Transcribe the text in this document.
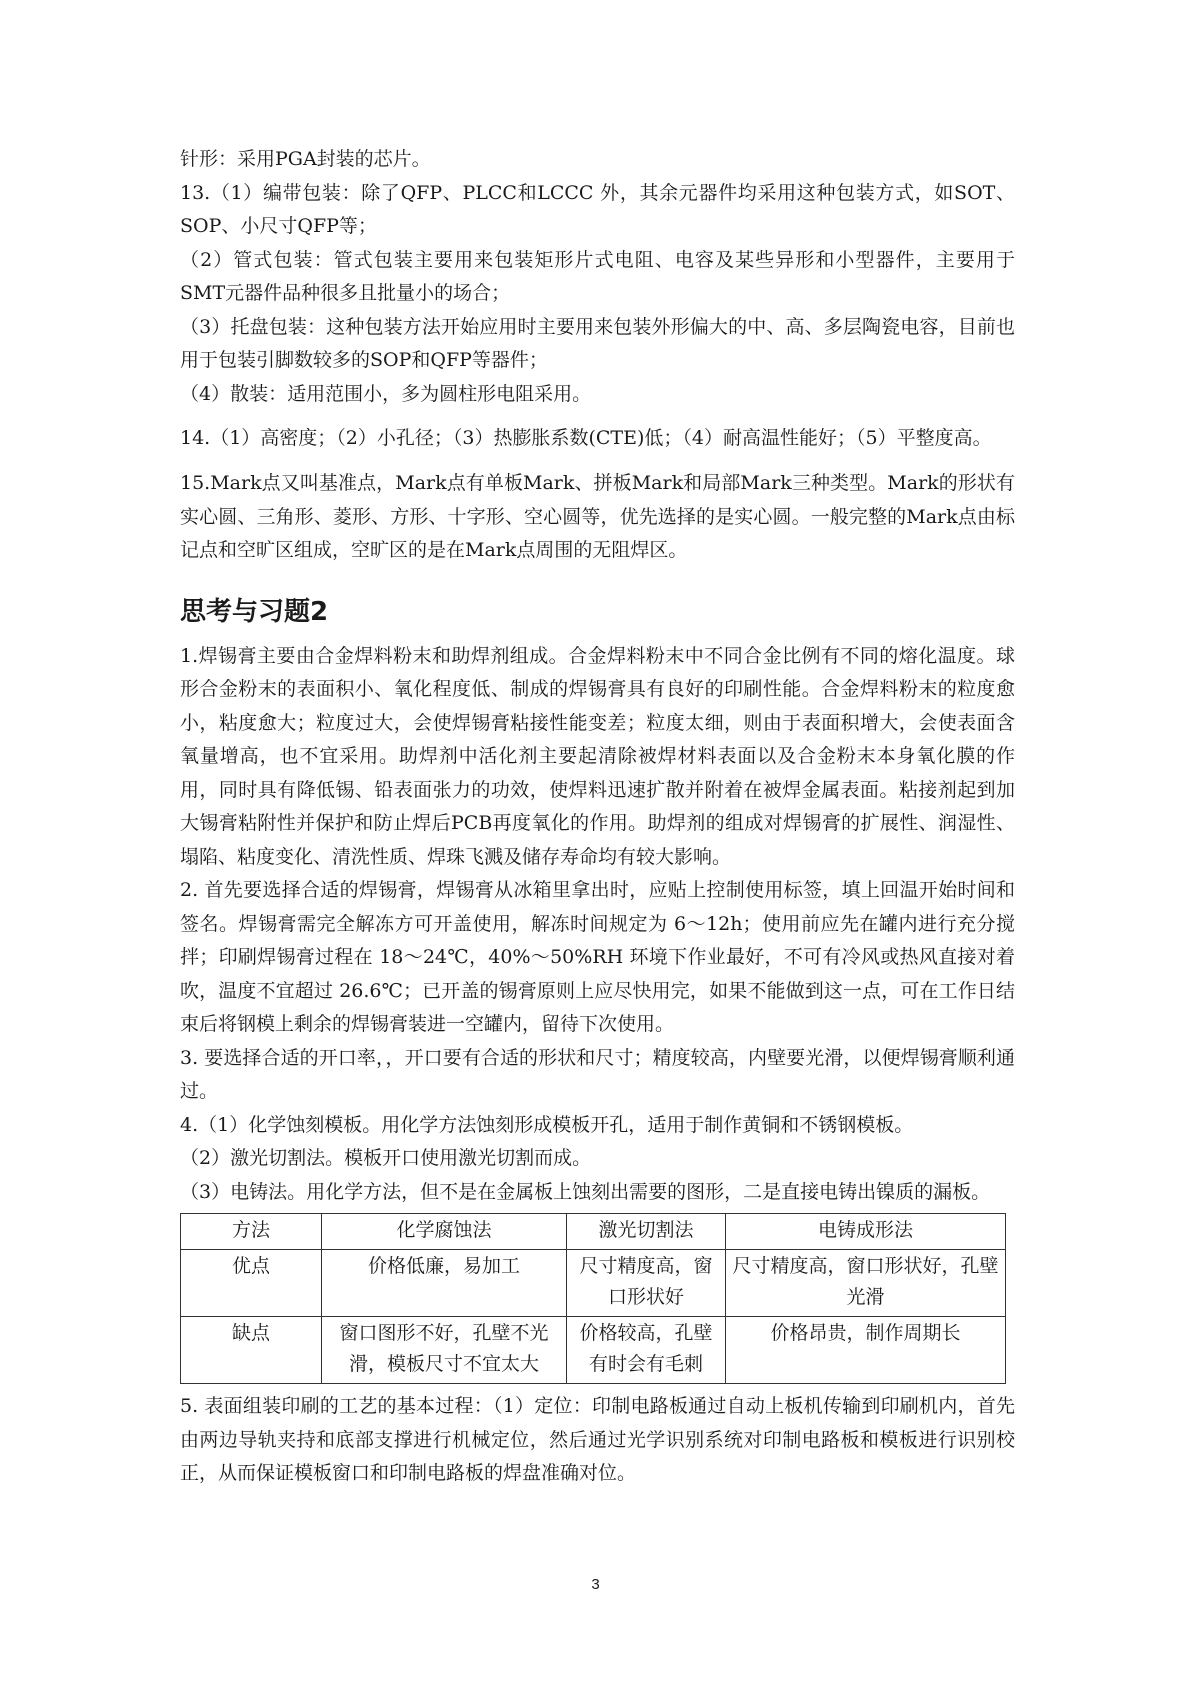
针形：采用PGA封装的芯片。

13.（1）编带包装：除了QFP、PLCC和LCCC 外，其余元器件均采用这种包装方式，如SOT、SOP、小尺寸QFP等；

（2）管式包装：管式包装主要用来包装矩形片式电阻、电容及某些异形和小型器件，主要用于SMT元器件品种很多且批量小的场合；

（3）托盘包装：这种包装方法开始应用时主要用来包装外形偏大的中、高、多层陶瓷电容，目前也用于包装引脚数较多的SOP和QFP等器件；

（4）散装：适用范围小，多为圆柱形电阻采用。

14.（1）高密度；（2）小孔径；（3）热膨胀系数(CTE)低；（4）耐高温性能好；（5）平整度高。

15.Mark点又叫基准点，Mark点有单板Mark、拼板Mark和局部Mark三种类型。Mark的形状有实心圆、三角形、菱形、方形、十字形、空心圆等，优先选择的是实心圆。一般完整的Mark点由标记点和空旷区组成，空旷区的是在Mark点周围的无阻焊区。

思考与习题2

1.焊锡膏主要由合金焊料粉末和助焊剂组成。合金焊料粉末中不同合金比例有不同的熔化温度。球形合金粉末的表面积小、氧化程度低、制成的焊锡膏具有良好的印刷性能。合金焊料粉末的粒度愈小，粘度愈大；粒度过大，会使焊锡膏粘接性能变差；粒度太细，则由于表面积增大，会使表面含氧量增高，也不宜采用。助焊剂中活化剂主要起清除被焊材料表面以及合金粉末本身氧化膜的作用，同时具有降低锡、铅表面张力的功效，使焊料迅速扩散并附着在被焊金属表面。粘接剂起到加大锡膏粘附性并保护和防止焊后PCB再度氧化的作用。助焊剂的组成对焊锡膏的扩展性、润湿性、塌陷、粘度变化、清洗性质、焊珠飞溅及储存寿命均有较大影响。

2. 首先要选择合适的焊锡膏，焊锡膏从冰箱里拿出时，应贴上控制使用标签，填上回温开始时间和签名。焊锡膏需完全解冻方可开盖使用，解冻时间规定为 6～12h；使用前应先在罐内进行充分搅拌；印刷焊锡膏过程在 18～24℃，40%～50%RH 环境下作业最好，不可有冷风或热风直接对着吹，温度不宜超过 26.6℃；已开盖的锡膏原则上应尽快用完，如果不能做到这一点，可在工作日结束后将钢模上剩余的焊锡膏装进一空罐内，留待下次使用。

3. 要选择合适的开口率，，开口要有合适的形状和尺寸；精度较高，内壁要光滑，以便焊锡膏顺利通过。

4.（1）化学蚀刻模板。用化学方法蚀刻形成模板开孔，适用于制作黄铜和不锈钢模板。

（2）激光切割法。模板开口使用激光切割而成。

（3）电铸法。用化学方法，但不是在金属板上蚀刻出需要的图形，二是直接电铸出镍质的漏板。

方法	化学腐蚀法	激光切割法	电铸成形法
优点	价格低廉，易加工	尺寸精度高，窗口形状好	尺寸精度高，窗口形状好，孔壁光滑
缺点	窗口图形不好，孔壁不光滑，模板尺寸不宜太大	价格较高，孔壁有时会有毛刺	价格昂贵，制作周期长

5. 表面组装印刷的工艺的基本过程：（1）定位：印制电路板通过自动上板机传输到印刷机内，首先由两边导轨夹持和底部支撑进行机械定位，然后通过光学识别系统对印制电路板和模板进行识别校正，从而保证模板窗口和印制电路板的焊盘准确对位。

3
